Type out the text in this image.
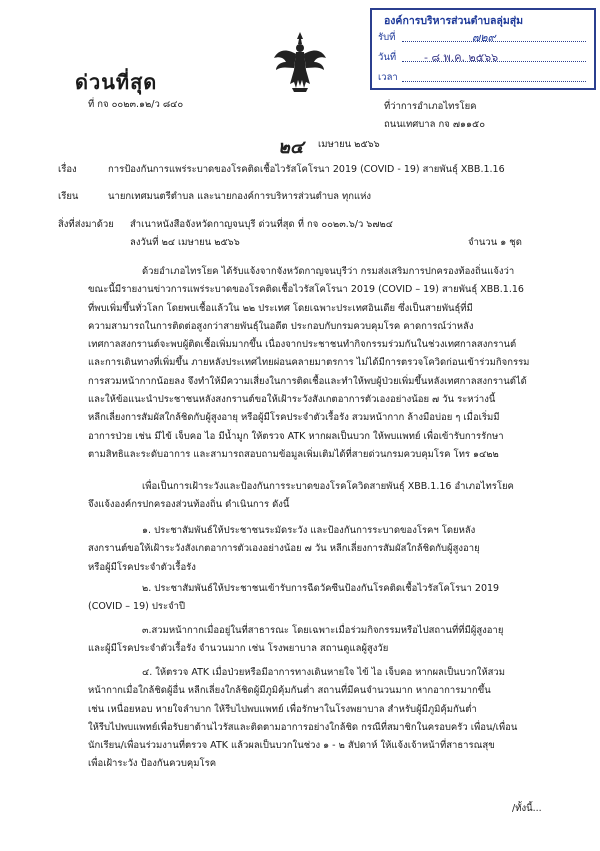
องค์การบริหารส่วนตำบลลุ่มสุ่ม
รับที่	๗๒๙
วันที่	- ๘ พ.ค. ๒๕๖๖
เวลา
ด่วนที่สุด
ที่ กจ ๐๐๒๓.๑๒/ว ๘๔๐	ที่ว่าการอำเภอไทรโยค
ถนนเทศบาล กจ ๗๑๑๕๐
๒๔ เมษายน ๒๕๖๖
เรื่อง	การป้องกันการแพร่ระบาดของโรคติดเชื้อไวรัสโคโรนา 2019 (COVID - 19) สายพันธุ์ XBB.1.16
เรียน	นายกเทศมนตรีตำบล และนายกองค์การบริหารส่วนตำบล ทุกแห่ง
สิ่งที่ส่งมาด้วย สำเนาหนังสือจังหวัดกาญจนบุรี ด่วนที่สุด ที่ กจ ๐๐๒๓.๖/ว ๖๗๒๔
ลงวันที่ ๒๔ เมษายน ๒๕๖๖	จำนวน ๑ ชุด
ด้วยอำเภอไทรโยค ได้รับแจ้งจากจังหวัดกาญจนบุรีว่า กรมส่งเสริมการปกครองท้องถิ่นแจ้งว่า
ขณะนี้มีรายงานข่าวการแพร่ระบาดของโรคติดเชื้อไวรัสโคโรนา 2019 (COVID – 19) สายพันธุ์ XBB.1.16
ที่พบเพิ่มขึ้นทั่วโลก โดยพบเชื้อแล้วใน ๒๒ ประเทศ โดยเฉพาะประเทศอินเดีย ซึ่งเป็นสายพันธุ์ที่มี
ความสามารถในการติดต่อสูงกว่าสายพันธุ์ในอดีต ประกอบกับกรมควบคุมโรค คาดการณ์ว่าหลัง
เทศกาลสงกรานต์จะพบผู้ติดเชื้อเพิ่มมากขึ้น เนื่องจากประชาชนทำกิจกรรมร่วมกันในช่วงเทศกาลสงกรานต์
และการเดินทางที่เพิ่มขึ้น ภายหลังประเทศไทยผ่อนคลายมาตรการ ไม่ได้มีการตรวจโควิดก่อนเข้าร่วมกิจกรรม
การสวมหน้ากากน้อยลง จึงทำให้มีความเสี่ยงในการติดเชื้อและทำให้พบผู้ป่วยเพิ่มขึ้นหลังเทศกาลสงกรานต์ได้
และให้ข้อแนะนำประชาชนหลังสงกรานต์ขอให้เฝ้าระวังสังเกตอาการตัวเองอย่างน้อย ๗ วัน ระหว่างนี้
หลีกเลี่ยงการสัมผัสใกล้ชิดกับผู้สูงอายุ หรือผู้มีโรคประจำตัวเรื้อรัง สวมหน้ากาก ล้างมือบ่อย ๆ เมื่อเริ่มมี
อาการป่วย เช่น มีไข้ เจ็บคอ ไอ มีน้ำมูก ให้ตรวจ ATK หากผลเป็นบวก ให้พบแพทย์ เพื่อเข้ารับการรักษา
ตามสิทธิและระดับอาการ และสามารถสอบถามข้อมูลเพิ่มเติมได้ที่สายด่วนกรมควบคุมโรค โทร ๑๔๒๒
เพื่อเป็นการเฝ้าระวังและป้องกันการระบาดของโรคโควิดสายพันธุ์ XBB.1.16 อำเภอไทรโยค
จึงแจ้งองค์กรปกครองส่วนท้องถิ่น ดำเนินการ ดังนี้
๑. ประชาสัมพันธ์ให้ประชาชนระมัดระวัง และป้องกันการระบาดของโรคฯ โดยหลัง
สงกรานต์ขอให้เฝ้าระวังสังเกตอาการตัวเองอย่างน้อย ๗ วัน หลีกเลี่ยงการสัมผัสใกล้ชิดกับผู้สูงอายุ
หรือผู้มีโรคประจำตัวเรื้อรัง
๒. ประชาสัมพันธ์ให้ประชาชนเข้ารับการฉีดวัคซีนป้องกันโรคติดเชื้อไวรัสโคโรนา 2019
(COVID – 19) ประจำปี
๓.สวมหน้ากากเมื่ออยู่ในที่สาธารณะ โดยเฉพาะเมื่อร่วมกิจกรรมหรือไปสถานที่ที่มีผู้สูงอายุ
และผู้มีโรคประจำตัวเรื้อรัง จำนวนมาก เช่น โรงพยาบาล สถานดูแลผู้สูงวัย
๔. ให้ตรวจ ATK เมื่อป่วยหรือมีอาการทางเดินหายใจ ไข้ ไอ เจ็บคอ หากผลเป็นบวกให้สวม
หน้ากากเมื่อใกล้ชิดผู้อื่น หลีกเลี่ยงใกล้ชิดผู้มีภูมิคุ้มกันต่ำ สถานที่มีคนจำนวนมาก หากอาการมากขึ้น
เช่น เหนื่อยหอบ หายใจลำบาก ให้รีบไปพบแพทย์ เพื่อรักษาในโรงพยาบาล สำหรับผู้มีภูมิคุ้มกันต่ำ
ให้รีบไปพบแพทย์เพื่อรับยาต้านไวรัสและติดตามอาการอย่างใกล้ชิด กรณีที่สมาชิกในครอบครัว เพื่อน/เพื่อน
นักเรียน/เพื่อนร่วมงานที่ตรวจ ATK แล้วผลเป็นบวกในช่วง ๑ - ๒ สัปดาห์ ให้แจ้งเจ้าหน้าที่สาธารณสุข
เพื่อเฝ้าระวัง ป้องกันควบคุมโรค
/ทั้งนี้...
